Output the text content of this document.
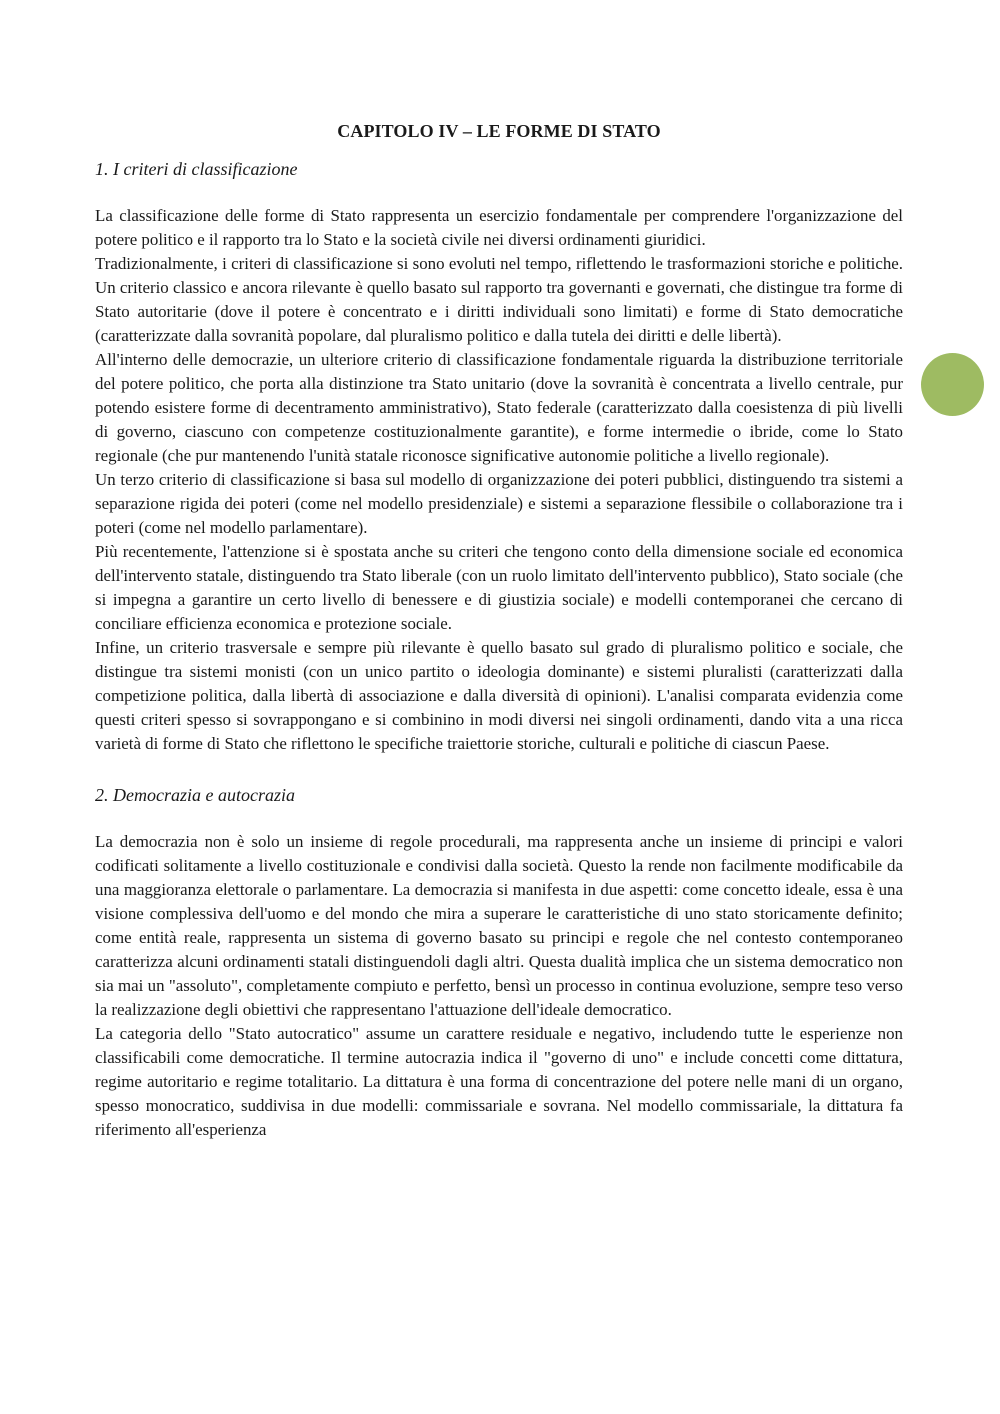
CAPITOLO IV – LE FORME DI STATO
1. I criteri di classificazione

La classificazione delle forme di Stato rappresenta un esercizio fondamentale per comprendere l'organizzazione del potere politico e il rapporto tra lo Stato e la società civile nei diversi ordinamenti giuridici.

Tradizionalmente, i criteri di classificazione si sono evoluti nel tempo, riflettendo le trasformazioni storiche e politiche. Un criterio classico e ancora rilevante è quello basato sul rapporto tra governanti e governati, che distingue tra forme di Stato autoritarie (dove il potere è concentrato e i diritti individuali sono limitati) e forme di Stato democratiche (caratterizzate dalla sovranità popolare, dal pluralismo politico e dalla tutela dei diritti e delle libertà).

All'interno delle democrazie, un ulteriore criterio di classificazione fondamentale riguarda la distribuzione territoriale del potere politico, che porta alla distinzione tra Stato unitario (dove la sovranità è concentrata a livello centrale, pur potendo esistere forme di decentramento amministrativo), Stato federale (caratterizzato dalla coesistenza di più livelli di governo, ciascuno con competenze costituzionalmente garantite), e forme intermedie o ibride, come lo Stato regionale (che pur mantenendo l'unità statale riconosce significative autonomie politiche a livello regionale).

Un terzo criterio di classificazione si basa sul modello di organizzazione dei poteri pubblici, distinguendo tra sistemi a separazione rigida dei poteri (come nel modello presidenziale) e sistemi a separazione flessibile o collaborazione tra i poteri (come nel modello parlamentare).

Più recentemente, l'attenzione si è spostata anche su criteri che tengono conto della dimensione sociale ed economica dell'intervento statale, distinguendo tra Stato liberale (con un ruolo limitato dell'intervento pubblico), Stato sociale (che si impegna a garantire un certo livello di benessere e di giustizia sociale) e modelli contemporanei che cercano di conciliare efficienza economica e protezione sociale.

Infine, un criterio trasversale e sempre più rilevante è quello basato sul grado di pluralismo politico e sociale, che distingue tra sistemi monisti (con un unico partito o ideologia dominante) e sistemi pluralisti (caratterizzati dalla competizione politica, dalla libertà di associazione e dalla diversità di opinioni). L'analisi comparata evidenzia come questi criteri spesso si sovrappongano e si combinino in modi diversi nei singoli ordinamenti, dando vita a una ricca varietà di forme di Stato che riflettono le specifiche traiettorie storiche, culturali e politiche di ciascun Paese.

2. Democrazia e autocrazia

La democrazia non è solo un insieme di regole procedurali, ma rappresenta anche un insieme di principi e valori codificati solitamente a livello costituzionale e condivisi dalla società. Questo la rende non facilmente modificabile da una maggioranza elettorale o parlamentare. La democrazia si manifesta in due aspetti: come concetto ideale, essa è una visione complessiva dell'uomo e del mondo che mira a superare le caratteristiche di uno stato storicamente definito; come entità reale, rappresenta un sistema di governo basato su principi e regole che nel contesto contemporaneo caratterizza alcuni ordinamenti statali distinguendoli dagli altri. Questa dualità implica che un sistema democratico non sia mai un "assoluto", completamente compiuto e perfetto, bensì un processo in continua evoluzione, sempre teso verso la realizzazione degli obiettivi che rappresentano l'attuazione dell'ideale democratico.

La categoria dello "Stato autocratico" assume un carattere residuale e negativo, includendo tutte le esperienze non classificabili come democratiche. Il termine autocrazia indica il "governo di uno" e include concetti come dittatura, regime autoritario e regime totalitario. La dittatura è una forma di concentrazione del potere nelle mani di un organo, spesso monocratico, suddivisa in due modelli: commissariale e sovrana. Nel modello commissariale, la dittatura fa riferimento all'esperienza
